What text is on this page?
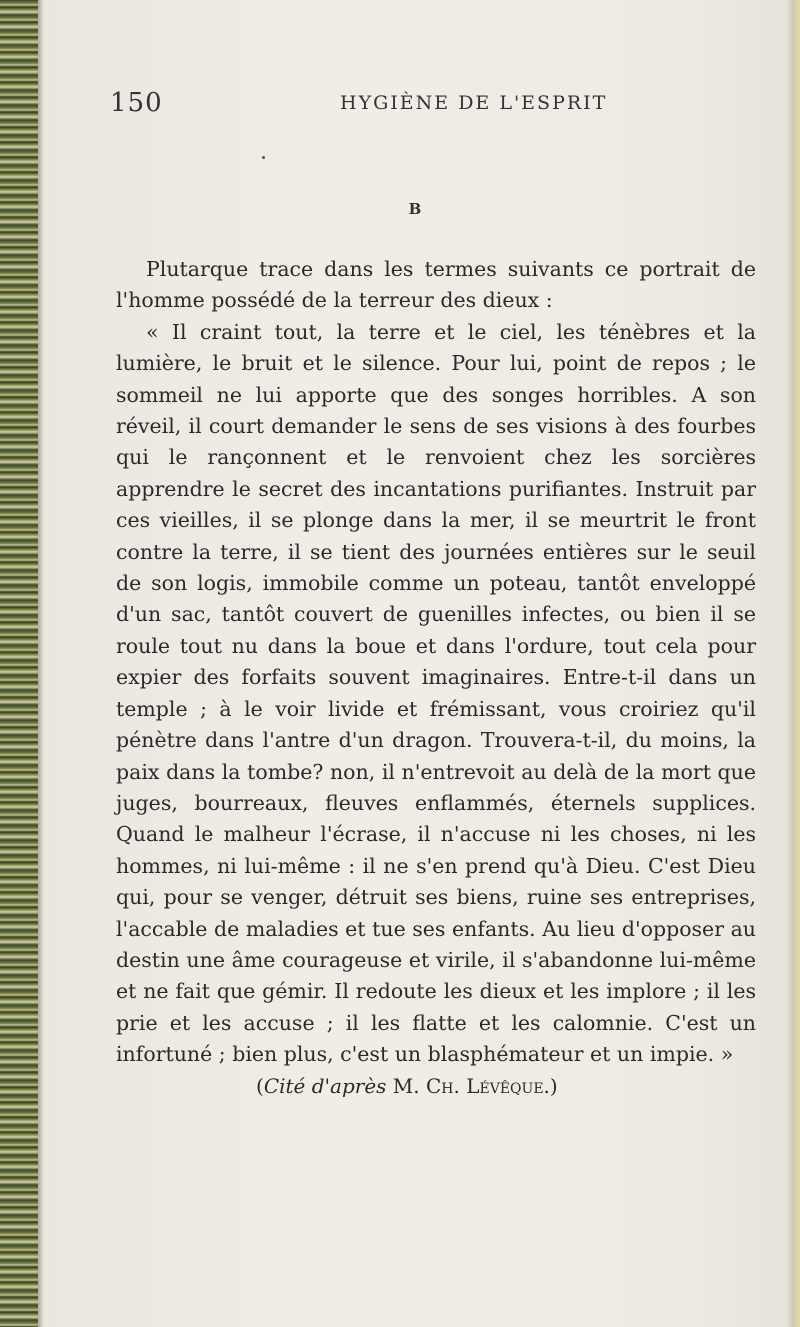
150	HYGIÈNE DE L'ESPRIT
B

Plutarque trace dans les termes suivants ce portrait de l'homme possédé de la terreur des dieux :

« Il craint tout, la terre et le ciel, les ténèbres et la lumière, le bruit et le silence. Pour lui, point de repos ; le sommeil ne lui apporte que des songes horribles. A son réveil, il court demander le sens de ses visions à des fourbes qui le rançonnent et le renvoient chez les sorcières apprendre le secret des incantations purifiantes. Instruit par ces vieilles, il se plonge dans la mer, il se meurtrit le front contre la terre, il se tient des journées entières sur le seuil de son logis, immobile comme un poteau, tantôt enveloppé d'un sac, tantôt couvert de guenilles infectes, ou bien il se roule tout nu dans la boue et dans l'ordure, tout cela pour expier des forfaits souvent imaginaires. Entre-t-il dans un temple ; à le voir livide et frémissant, vous croiriez qu'il pénètre dans l'antre d'un dragon. Trouvera-t-il, du moins, la paix dans la tombe? non, il n'entrevoit au delà de la mort que juges, bourreaux, fleuves enflammés, éternels supplices. Quand le malheur l'écrase, il n'accuse ni les choses, ni les hommes, ni lui-même : il ne s'en prend qu'à Dieu. C'est Dieu qui, pour se venger, détruit ses biens, ruine ses entreprises, l'accable de maladies et tue ses enfants. Au lieu d'opposer au destin une âme courageuse et virile, il s'abandonne lui-même et ne fait que gémir. Il redoute les dieux et les implore ; il les prie et les accuse ; il les flatte et les calomnie. C'est un infortuné ; bien plus, c'est un blasphémateur et un impie. »

(Cité d'après M. Ch. Lévêque.)
